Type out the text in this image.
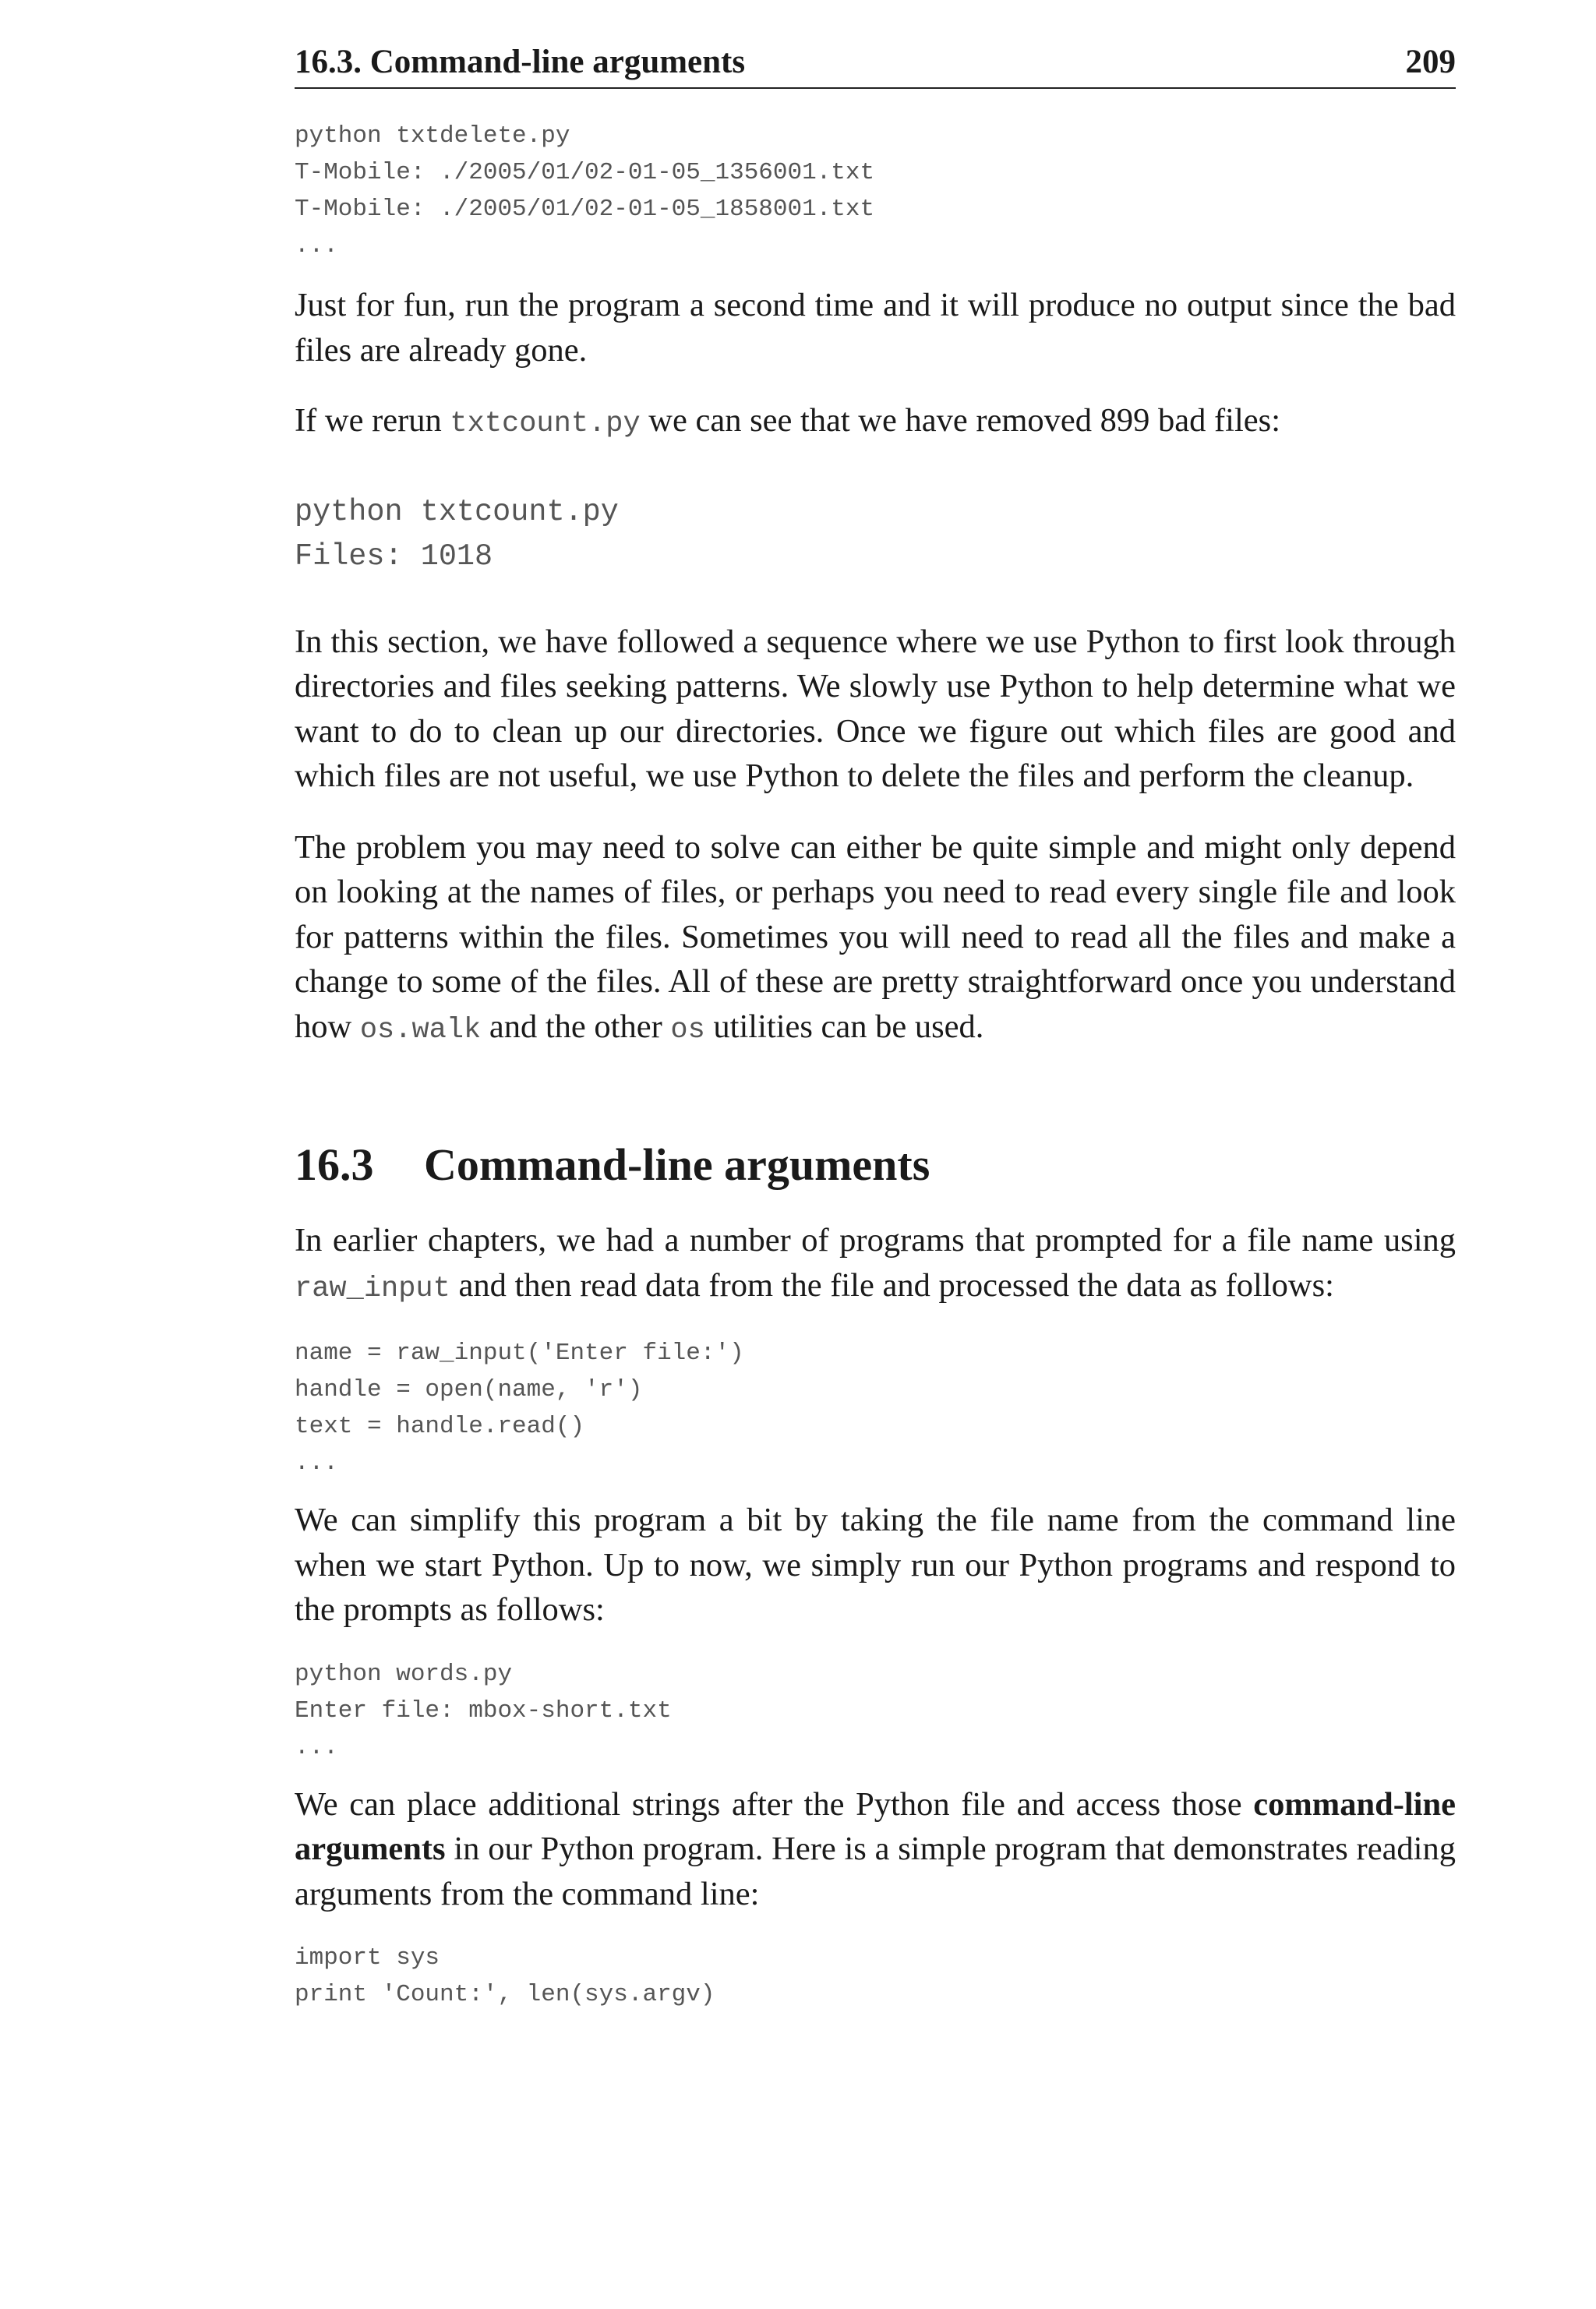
16.3. Command-line arguments	209
python txtdelete.py
T-Mobile: ./2005/01/02-01-05_1356001.txt
T-Mobile: ./2005/01/02-01-05_1858001.txt
...

Just for fun, run the program a second time and it will produce no output since the bad files are already gone.

If we rerun txtcount.py we can see that we have removed 899 bad files:

python txtcount.py
Files: 1018

In this section, we have followed a sequence where we use Python to first look through directories and files seeking patterns. We slowly use Python to help determine what we want to do to clean up our directories. Once we figure out which files are good and which files are not useful, we use Python to delete the files and perform the cleanup.

The problem you may need to solve can either be quite simple and might only depend on looking at the names of files, or perhaps you need to read every single file and look for patterns within the files. Sometimes you will need to read all the files and make a change to some of the files. All of these are pretty straightforward once you understand how os.walk and the other os utilities can be used.

16.3	Command-line arguments

In earlier chapters, we had a number of programs that prompted for a file name using raw_input and then read data from the file and processed the data as follows:

name = raw_input('Enter file:')
handle = open(name, 'r')
text = handle.read()
...

We can simplify this program a bit by taking the file name from the command line when we start Python. Up to now, we simply run our Python programs and respond to the prompts as follows:

python words.py
Enter file: mbox-short.txt
...

We can place additional strings after the Python file and access those command-line arguments in our Python program. Here is a simple program that demonstrates reading arguments from the command line:

import sys
print 'Count:', len(sys.argv)
